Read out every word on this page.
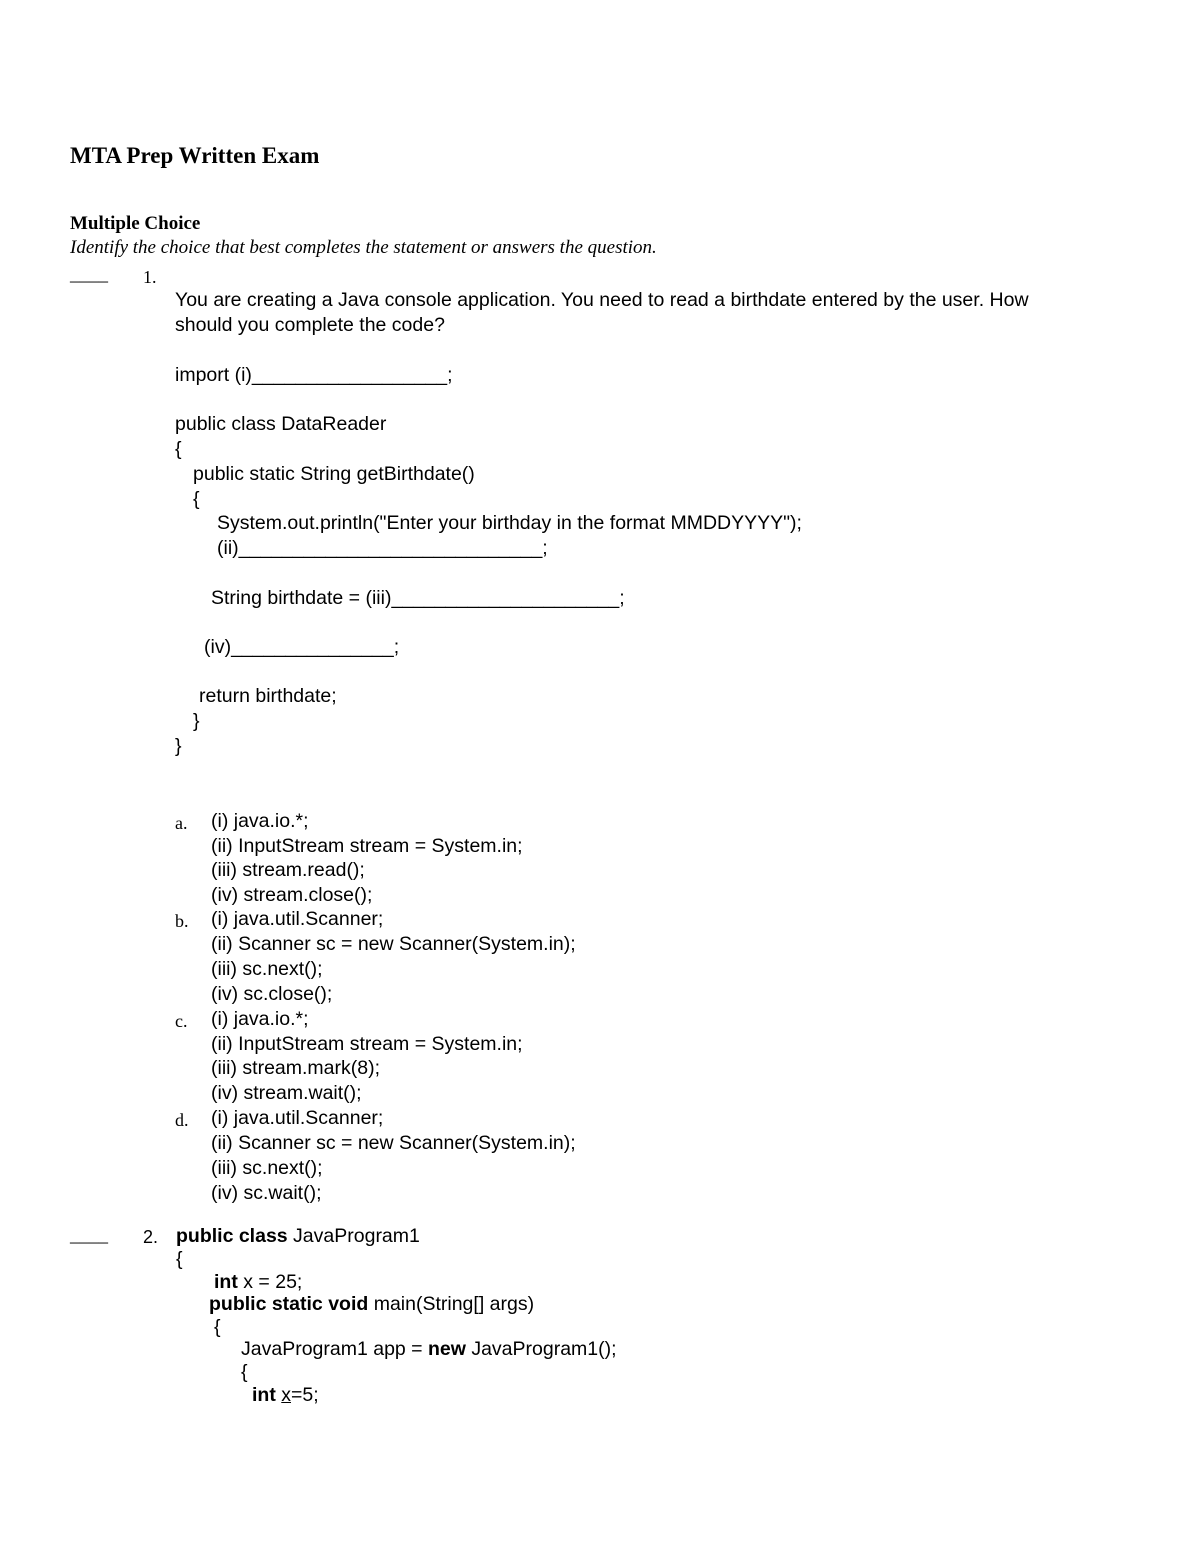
MTA Prep Written Exam
Multiple Choice
Identify the choice that best completes the statement or answers the question.
____ 1.
You are creating a Java console application. You need to read a birthdate entered by the user. How
should you complete the code?
import (i)__________________;
public class DataReader
{
public static String getBirthdate()
{
System.out.println("Enter your birthday in the format MMDDYYYY");
(ii)____________________________;
String birthdate = (iii)_____________________;
(iv)_______________;
return birthdate;
}
}
a. (i) java.io.*;
(ii) InputStream stream = System.in;
(iii) stream.read();
(iv) stream.close();
b. (i) java.util.Scanner;
(ii) Scanner sc = new Scanner(System.in);
(iii) sc.next();
(iv) sc.close();
c. (i) java.io.*;
(ii) InputStream stream = System.in;
(iii) stream.mark(8);
(iv) stream.wait();
d. (i) java.util.Scanner;
(ii) Scanner sc = new Scanner(System.in);
(iii) sc.next();
(iv) sc.wait();
____ 2. public class JavaProgram1
{
int x = 25;
public static void main(String[] args)
{
JavaProgram1 app = new JavaProgram1();
{
int x=5;
